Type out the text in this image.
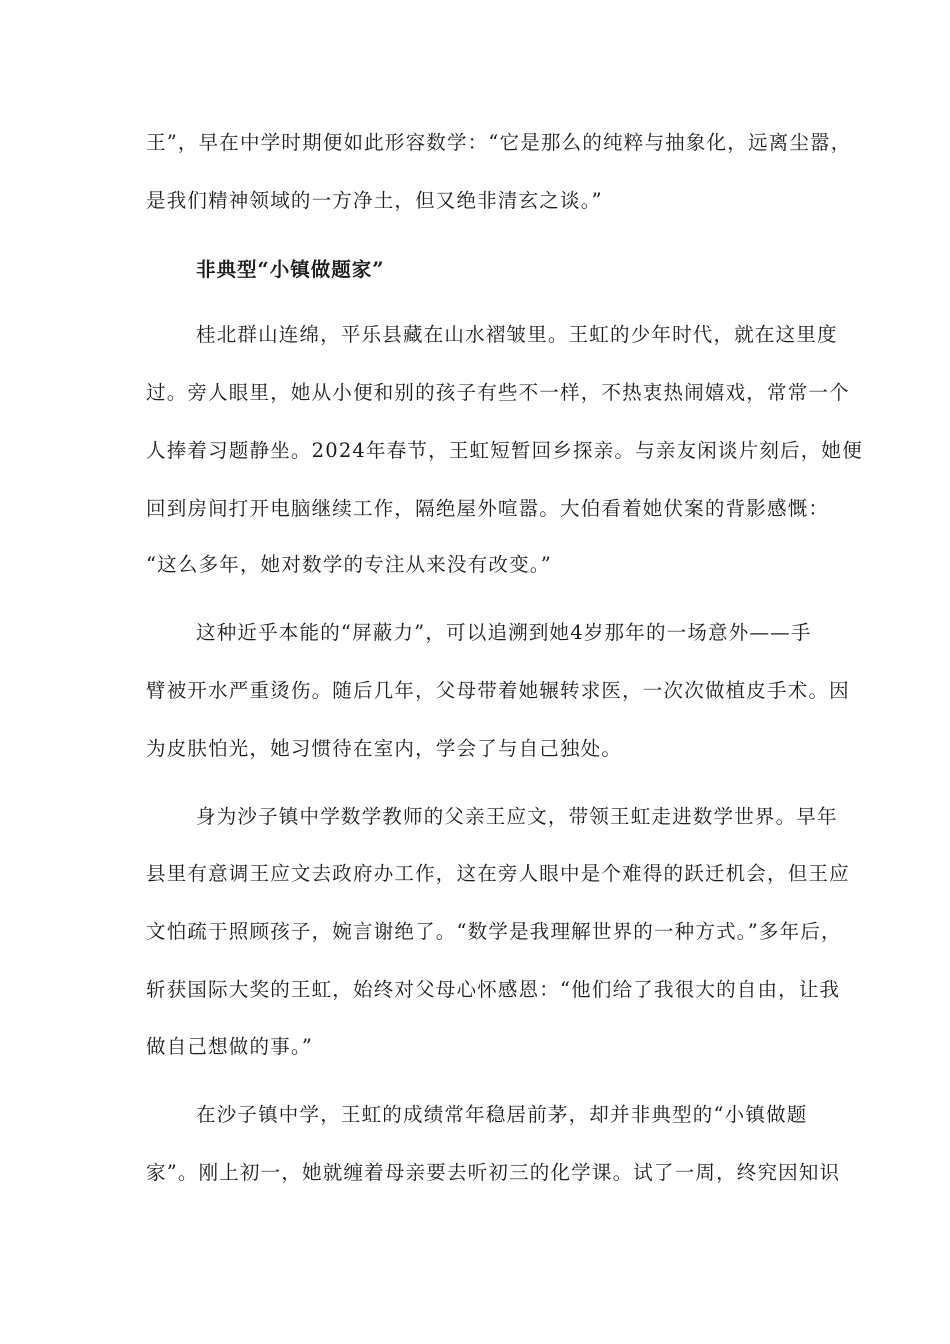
王”，早在中学时期便如此形容数学：“它是那么的纯粹与抽象化，远离尘嚣，
是我们精神领域的一方净土，但又绝非清玄之谈。”
非典型“小镇做题家”
桂北群山连绵，平乐县藏在山水褶皱里。王虹的少年时代，就在这里度
过。旁人眼里，她从小便和别的孩子有些不一样，不热衷热闹嬉戏，常常一个
人捧着习题静坐。2024年春节，王虹短暂回乡探亲。与亲友闲谈片刻后，她便
回到房间打开电脑继续工作，隔绝屋外喧嚣。大伯看着她伏案的背影感慨：
“这么多年，她对数学的专注从来没有改变。”
这种近乎本能的“屏蔽力”，可以追溯到她4岁那年的一场意外——手
臂被开水严重烫伤。随后几年，父母带着她辗转求医，一次次做植皮手术。因
为皮肤怕光，她习惯待在室内，学会了与自己独处。
身为沙子镇中学数学教师的父亲王应文，带领王虹走进数学世界。早年
县里有意调王应文去政府办工作，这在旁人眼中是个难得的跃迁机会，但王应
文怕疏于照顾孩子，婉言谢绝了。“数学是我理解世界的一种方式。”多年后，
斩获国际大奖的王虹，始终对父母心怀感恩：“他们给了我很大的自由，让我
做自己想做的事。”
在沙子镇中学，王虹的成绩常年稳居前茅，却并非典型的“小镇做题
家”。刚上初一，她就缠着母亲要去听初三的化学课。试了一周，终究因知识
